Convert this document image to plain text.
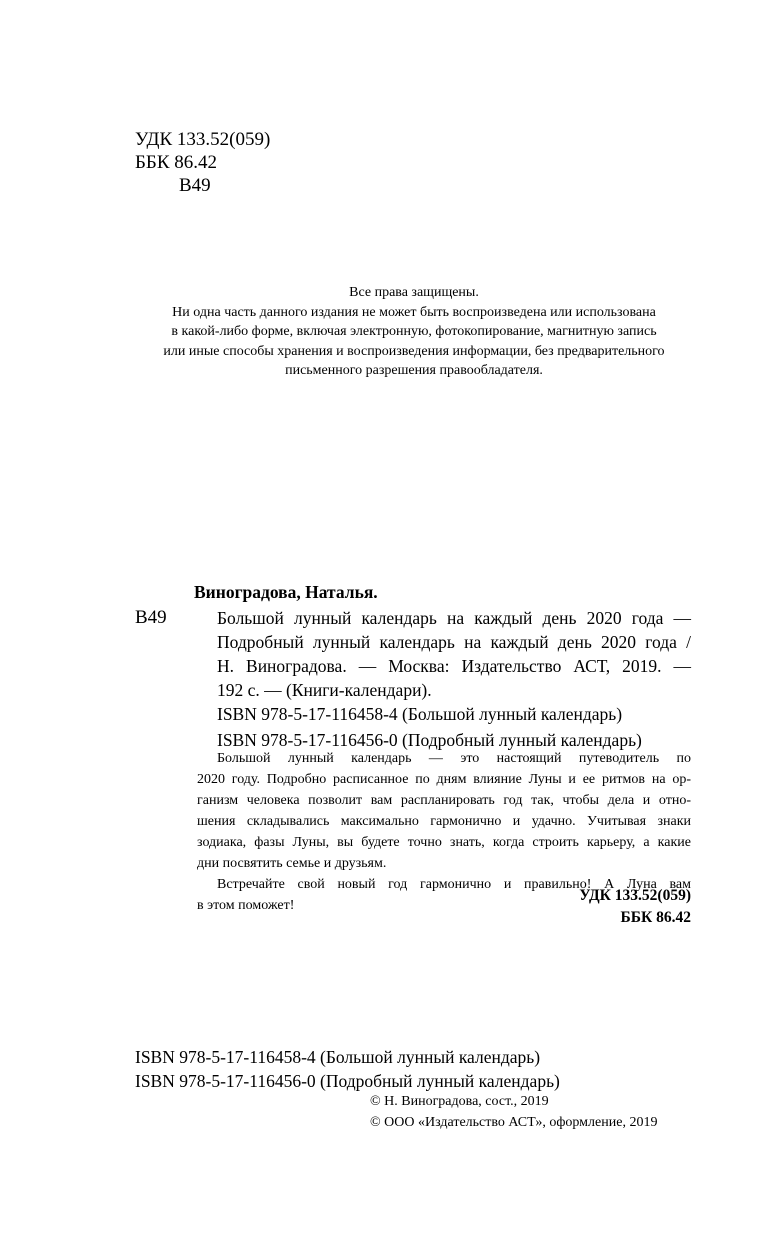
УДК 133.52(059)
ББК 86.42
В49
Все права защищены.
Ни одна часть данного издания не может быть воспроизведена или использована
в какой-либо форме, включая электронную, фотокопирование, магнитную запись
или иные способы хранения и воспроизведения информации, без предварительного
письменного разрешения правообладателя.
Виноградова, Наталья.
В49	Большой лунный календарь на каждый день 2020 года —
Подробный лунный календарь на каждый день 2020 года /
Н. Виноградова. — Москва: Издательство АСТ, 2019. —
192 с. — (Книги-календари).
ISBN 978-5-17-116458-4 (Большой лунный календарь)
ISBN 978-5-17-116456-0 (Подробный лунный календарь)
Большой лунный календарь — это настоящий путеводитель по
2020 году. Подробно расписанное по дням влияние Луны и ее ритмов на ор-
ганизм человека позволит вам распланировать год так, чтобы дела и отно-
шения складывались максимально гармонично и удачно. Учитывая знаки
зодиака, фазы Луны, вы будете точно знать, когда строить карьеру, а какие
дни посвятить семье и друзьям.
Встречайте свой новый год гармонично и правильно! А Луна вам
в этом поможет!
УДК 133.52(059)
ББК 86.42
ISBN 978-5-17-116458-4 (Большой лунный календарь)
ISBN 978-5-17-116456-0 (Подробный лунный календарь)
© Н. Виноградова, сост., 2019
© ООО «Издательство АСТ», оформление, 2019
